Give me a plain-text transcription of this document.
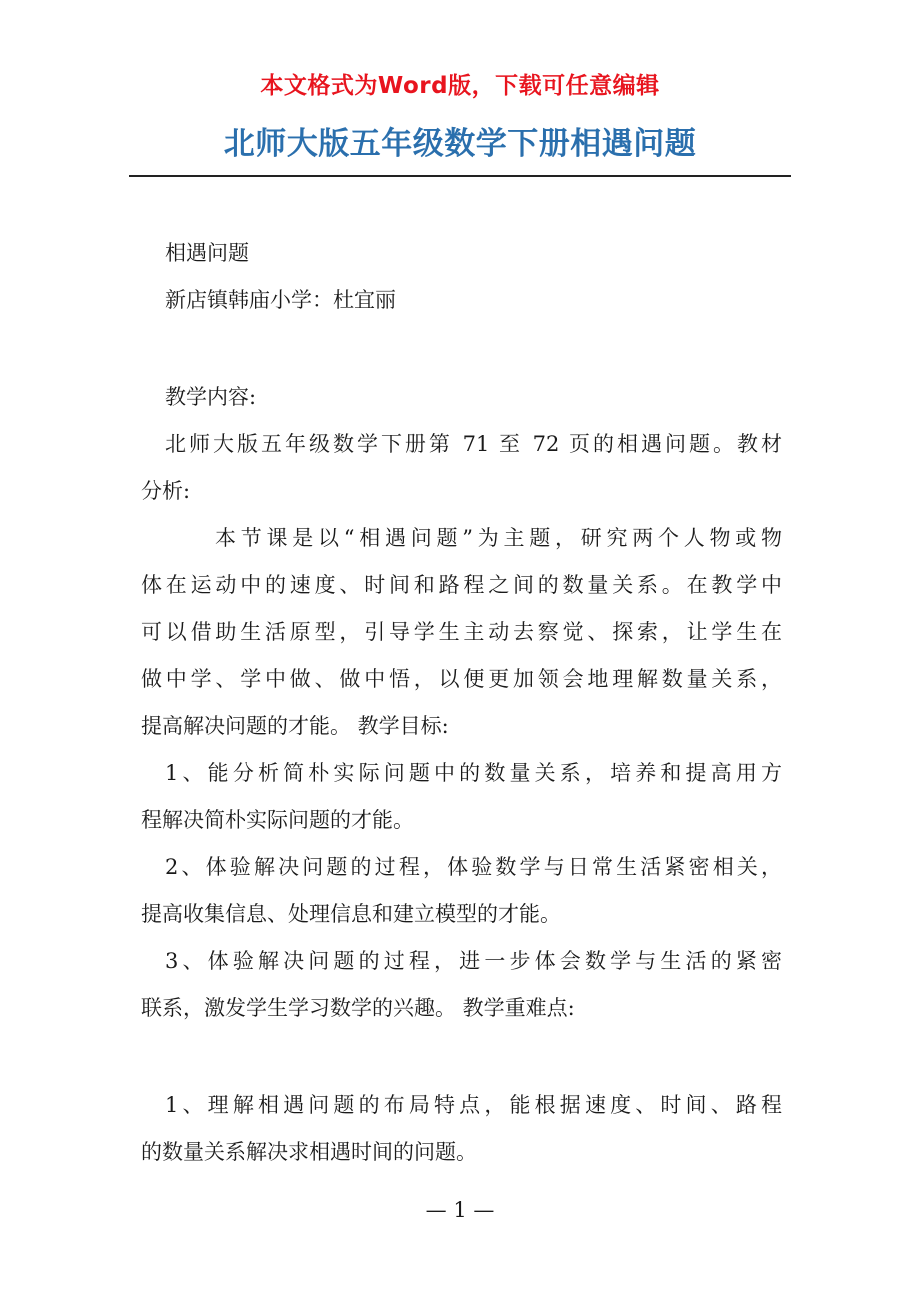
本文格式为Word版，下载可任意编辑
北师大版五年级数学下册相遇问题
相遇问题
新店镇韩庙小学：杜宜丽
教学内容:
北师大版五年级数学下册第 71 至 72 页的相遇问题。教材
分析:
本节课是以“相遇问题”为主题，研究两个人物或物
体在运动中的速度、时间和路程之间的数量关系。在教学中
可以借助生活原型，引导学生主动去察觉、探索，让学生在
做中学、学中做、做中悟，以便更加领会地理解数量关系，
提高解决问题的才能。 教学目标:
1、能分析简朴实际问题中的数量关系，培养和提高用方
程解决简朴实际问题的才能。
2、体验解决问题的过程，体验数学与日常生活紧密相关，
提高收集信息、处理信息和建立模型的才能。
3、体验解决问题的过程，进一步体会数学与生活的紧密
联系，激发学生学习数学的兴趣。 教学重难点:
1、理解相遇问题的布局特点，能根据速度、时间、路程
的数量关系解决求相遇时间的问题。
— 1 —
